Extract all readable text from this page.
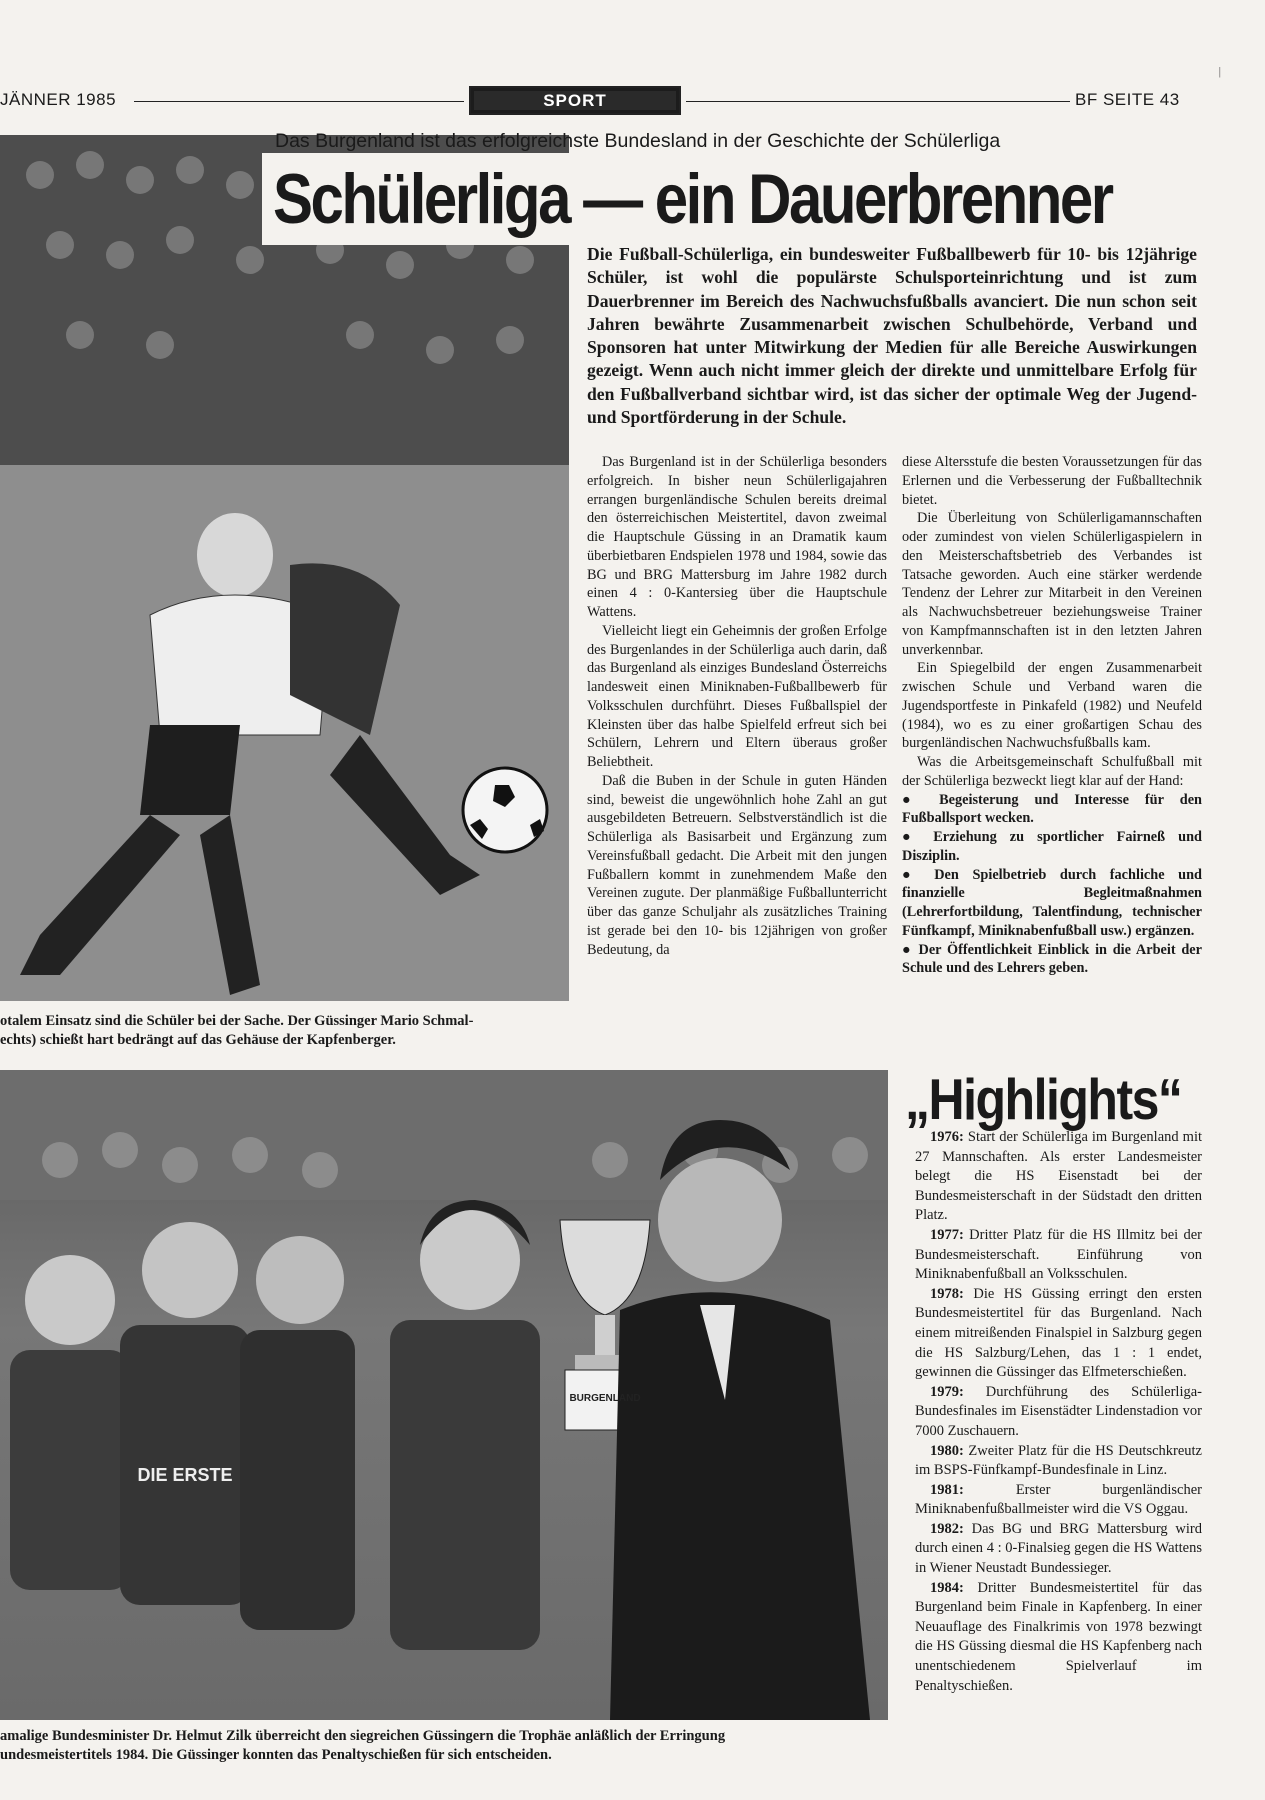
JÄNNER 1985	SPORT	BF SEITE 43
|
Das Burgenland ist das erfolgreichste Bundesland in der Geschichte der Schülerliga
Schülerliga — ein Dauerbrenner
Die Fußball-Schülerliga, ein bundesweiter Fußballbewerb für 10- bis 12jährige Schüler, ist wohl die populärste Schulsporteinrichtung und ist zum Dauerbrenner im Bereich des Nachwuchsfußballs avanciert. Die nun schon seit Jahren bewährte Zusammenarbeit zwischen Schulbehörde, Verband und Sponsoren hat unter Mitwirkung der Medien für alle Bereiche Auswirkungen gezeigt. Wenn auch nicht immer gleich der direkte und unmittelbare Erfolg für den Fußballverband sichtbar wird, ist das sicher der optimale Weg der Jugend- und Sportförderung in der Schule.

Das Burgenland ist in der Schülerliga besonders erfolgreich. In bisher neun Schülerligajahren errangen burgenländische Schulen bereits dreimal den österreichischen Meistertitel, davon zweimal die Hauptschule Güssing in an Dramatik kaum überbietbaren Endspielen 1978 und 1984, sowie das BG und BRG Mattersburg im Jahre 1982 durch einen 4 : 0-Kantersieg über die Hauptschule Wattens.

Vielleicht liegt ein Geheimnis der großen Erfolge des Burgenlandes in der Schülerliga auch darin, daß das Burgenland als einziges Bundesland Österreichs landesweit einen Miniknaben-Fußballbewerb für Volksschulen durchführt. Dieses Fußballspiel der Kleinsten über das halbe Spielfeld erfreut sich bei Schülern, Lehrern und Eltern überaus großer Beliebtheit.

Daß die Buben in der Schule in guten Händen sind, beweist die ungewöhnlich hohe Zahl an gut ausgebildeten Betreuern. Selbstverständlich ist die Schülerliga als Basisarbeit und Ergänzung zum Vereinsfußball gedacht. Die Arbeit mit den jungen Fußballern kommt in zunehmendem Maße den Vereinen zugute. Der planmäßige Fußballunterricht über das ganze Schuljahr als zusätzliches Training ist gerade bei den 10- bis 12jährigen von großer Bedeutung, da

diese Altersstufe die besten Voraussetzungen für das Erlernen und die Verbesserung der Fußballtechnik bietet.

Die Überleitung von Schülerligamannschaften oder zumindest von vielen Schülerligaspielern in den Meisterschaftsbetrieb des Verbandes ist Tatsache geworden. Auch eine stärker werdende Tendenz der Lehrer zur Mitarbeit in den Vereinen als Nachwuchsbetreuer beziehungsweise Trainer von Kampfmannschaften ist in den letzten Jahren unverkennbar.

Ein Spiegelbild der engen Zusammenarbeit zwischen Schule und Verband waren die Jugendsportfeste in Pinkafeld (1982) und Neufeld (1984), wo es zu einer großartigen Schau des burgenländischen Nachwuchsfußballs kam.

Was die Arbeitsgemeinschaft Schulfußball mit der Schülerliga bezweckt liegt klar auf der Hand:

● Begeisterung und Interesse für den Fußballsport wecken.

● Erziehung zu sportlicher Fairneß und Disziplin.

● Den Spielbetrieb durch fachliche und finanzielle Begleitmaßnahmen (Lehrerfortbildung, Talentfindung, technischer Fünfkampf, Miniknabenfußball usw.) ergänzen.

● Der Öffentlichkeit Einblick in die Arbeit der Schule und des Lehrers geben.

otalem Einsatz sind die Schüler bei der Sache. Der Güssinger Mario Schmal-
echts) schießt hart bedrängt auf das Gehäuse der Kapfenberger.
BURGENLAND
DIE ERSTE
amalige Bundesminister Dr. Helmut Zilk überreicht den siegreichen Güssingern die Trophäe anläßlich der Erringung
undesmeistertitels 1984. Die Güssinger konnten das Penaltyschießen für sich entscheiden.
„Highlights“

1976: Start der Schülerliga im Burgenland mit 27 Mannschaften. Als erster Landesmeister belegt die HS Eisenstadt bei der Bundesmeisterschaft in der Südstadt den dritten Platz.

1977: Dritter Platz für die HS Illmitz bei der Bundesmeisterschaft. Einführung von Miniknabenfußball an Volksschulen.

1978: Die HS Güssing erringt den ersten Bundesmeistertitel für das Burgenland. Nach einem mitreißenden Finalspiel in Salzburg gegen die HS Salzburg/Lehen, das 1 : 1 endet, gewinnen die Güssinger das Elfmeterschießen.

1979: Durchführung des Schülerliga-Bundesfinales im Eisenstädter Lindenstadion vor 7000 Zuschauern.

1980: Zweiter Platz für die HS Deutschkreutz im BSPS-Fünfkampf-Bundesfinale in Linz.

1981:	Erster burgenländischer Miniknabenfußballmeister wird die VS Oggau.

1982: Das BG und BRG Mattersburg wird durch einen 4 : 0-Finalsieg gegen die HS Wattens in Wiener Neustadt Bundessieger.

1984: Dritter Bundesmeistertitel für das Burgenland beim Finale in Kapfenberg. In einer Neuauflage des Finalkrimis von 1978 bezwingt die HS Güssing diesmal die HS Kapfenberg nach unentschiedenem Spielverlauf im Penaltyschießen.
